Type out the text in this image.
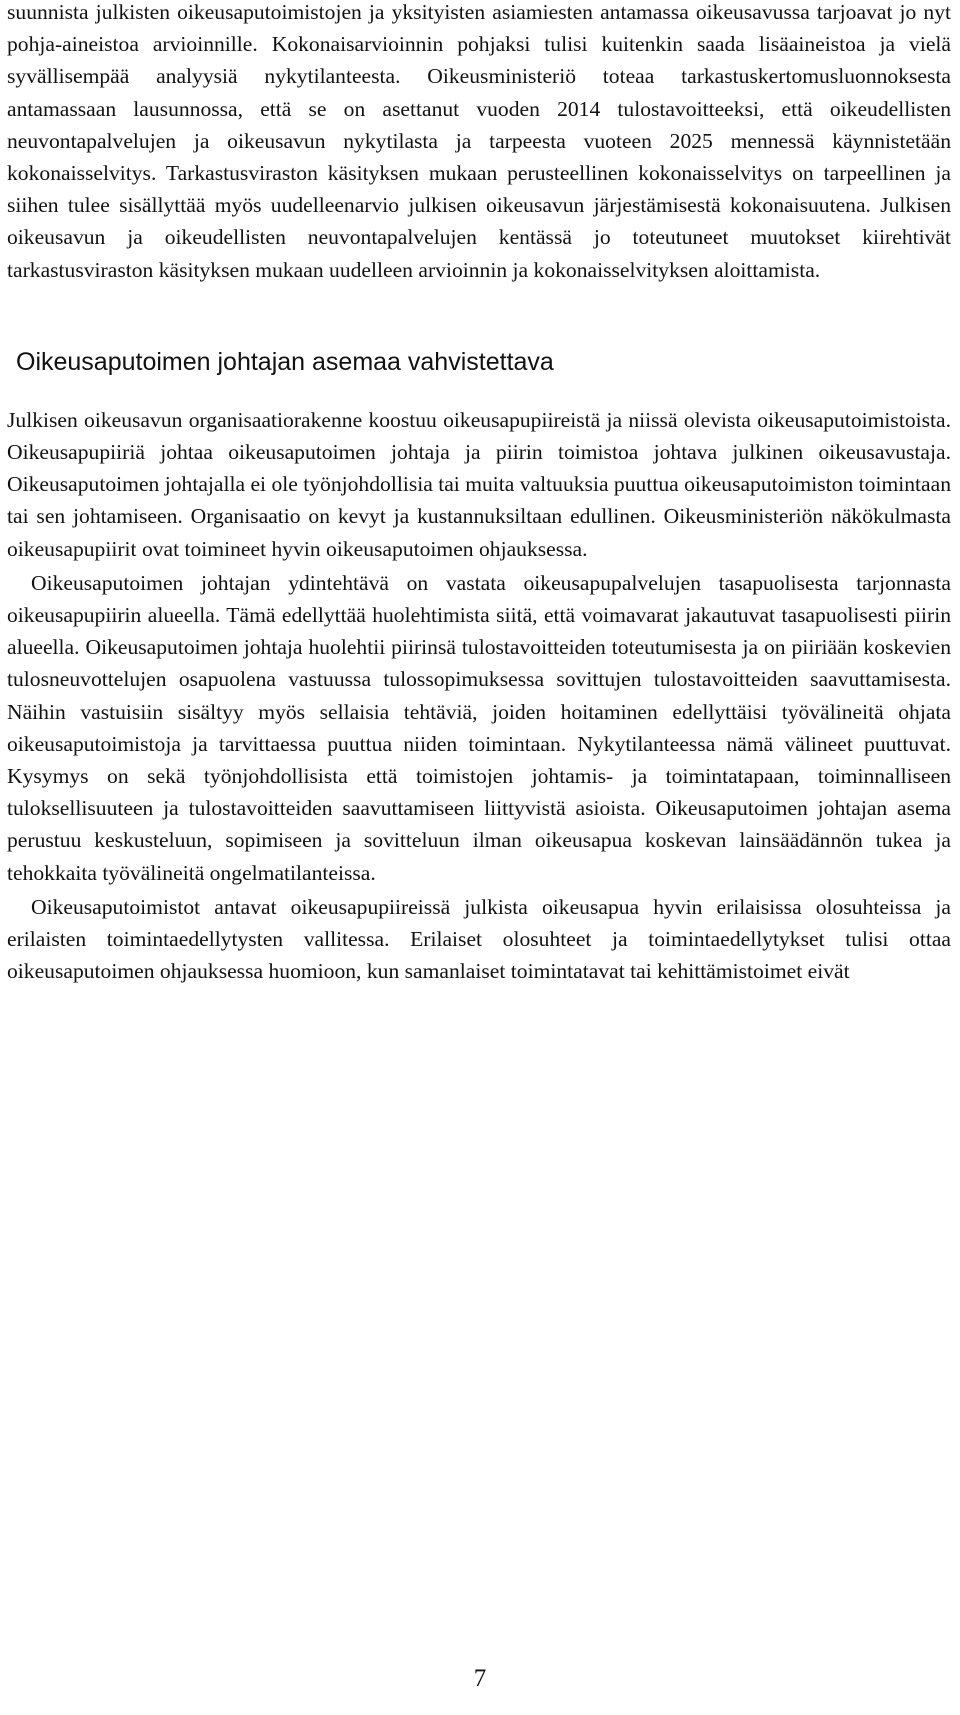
suunnista julkisten oikeusaputoimistojen ja yksityisten asiamiesten antamassa oikeusavussa tarjoavat jo nyt pohja-aineistoa arvioinnille. Kokonaisarvioinnin pohjaksi tulisi kuitenkin saada lisäaineistoa ja vielä syvällisempää analyysiä nykytilanteesta. Oikeusministeriö toteaa tarkastuskertomusluonnoksesta antamassaan lausunnossa, että se on asettanut vuoden 2014 tulostavoitteeksi, että oikeudellisten neuvontapalvelujen ja oikeusavun nykytilasta ja tarpeesta vuoteen 2025 mennessä käynnistetään kokonaisselvitys. Tarkastusviraston käsityksen mukaan perusteellinen kokonaisselvitys on tarpeellinen ja siihen tulee sisällyttää myös uudelleenarvio julkisen oikeusavun järjestämisestä kokonaisuutena. Julkisen oikeusavun ja oikeudellisten neuvontapalvelujen kentässä jo toteutuneet muutokset kiirehtivät tarkastusviraston käsityksen mukaan uudelleen arvioinnin ja kokonaisselvityksen aloittamista.

Oikeusaputoimen johtajan asemaa vahvistettava

Julkisen oikeusavun organisaatiorakenne koostuu oikeusapupiireistä ja niissä olevista oikeusaputoimistoista. Oikeusapupiiriä johtaa oikeusaputoimen johtaja ja piirin toimistoa johtava julkinen oikeusavustaja. Oikeusaputoimen johtajalla ei ole työnjohdollisia tai muita valtuuksia puuttua oikeusaputoimiston toimintaan tai sen johtamiseen. Organisaatio on kevyt ja kustannuksiltaan edullinen. Oikeusministeriön näkökulmasta oikeusapupiirit ovat toimineet hyvin oikeusaputoimen ohjauksessa.

Oikeusaputoimen johtajan ydintehtävä on vastata oikeusapupalvelujen tasapuolisesta tarjonnasta oikeusapupiirin alueella. Tämä edellyttää huolehtimista siitä, että voimavarat jakautuvat tasapuolisesti piirin alueella. Oikeusaputoimen johtaja huolehtii piirinsä tulostavoitteiden toteutumisesta ja on piiriään koskevien tulosneuvottelujen osapuolena vastuussa tulossopimuksessa sovittujen tulostavoitteiden saavuttamisesta. Näihin vastuisiin sisältyy myös sellaisia tehtäviä, joiden hoitaminen edellyttäisi työvälineitä ohjata oikeusaputoimistoja ja tarvittaessa puuttua niiden toimintaan. Nykytilanteessa nämä välineet puuttuvat. Kysymys on sekä työnjohdollisista että toimistojen johtamis- ja toimintatapaan, toiminnalliseen tuloksellisuuteen ja tulostavoitteiden saavuttamiseen liittyvistä asioista. Oikeusaputoimen johtajan asema perustuu keskusteluun, sopimiseen ja sovitteluun ilman oikeusapua koskevan lainsäädännön tukea ja tehokkaita työvälineitä ongelmatilanteissa.

Oikeusaputoimistot antavat oikeusapupiireissä julkista oikeusapua hyvin erilaisissa olosuhteissa ja erilaisten toimintaedellytysten vallitessa. Erilaiset olosuhteet ja toimintaedellytykset tulisi ottaa oikeusaputoimen ohjauksessa huomioon, kun samanlaiset toimintatavat tai kehittämistoimet eivät

7
